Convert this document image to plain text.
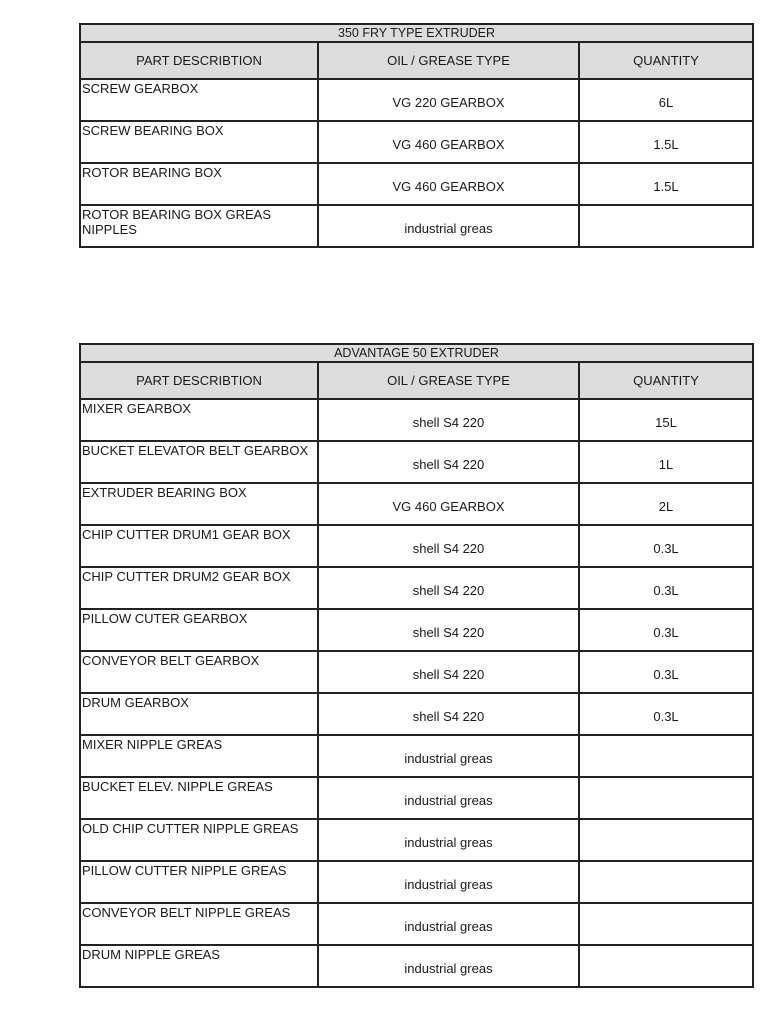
350 FRY TYPE EXTRUDER		
PART DESCRIBTION	OIL / GREASE TYPE	QUANTITY
SCREW GEARBOX	VG 220 GEARBOX	6L
SCREW BEARING BOX	VG 460 GEARBOX	1.5L
ROTOR BEARING BOX	VG 460 GEARBOX	1.5L
ROTOR BEARING BOX GREAS NIPPLES	industrial greas	
ADVANTAGE 50 EXTRUDER		
PART DESCRIBTION	OIL / GREASE TYPE	QUANTITY
MIXER GEARBOX	shell S4 220	15L
BUCKET ELEVATOR BELT GEARBOX	shell S4 220	1L
EXTRUDER BEARING BOX	VG 460 GEARBOX	2L
CHIP CUTTER DRUM1 GEAR BOX	shell S4 220	0.3L
CHIP CUTTER DRUM2 GEAR BOX	shell S4 220	0.3L
PILLOW CUTER GEARBOX	shell S4 220	0.3L
CONVEYOR BELT GEARBOX	shell S4 220	0.3L
DRUM GEARBOX	shell S4 220	0.3L
MIXER NIPPLE GREAS	industrial greas	
BUCKET ELEV. NIPPLE GREAS	industrial greas	
OLD CHIP CUTTER NIPPLE GREAS	industrial greas	
PILLOW CUTTER NIPPLE GREAS	industrial greas	
CONVEYOR BELT NIPPLE GREAS	industrial greas	
DRUM NIPPLE GREAS	industrial greas	
